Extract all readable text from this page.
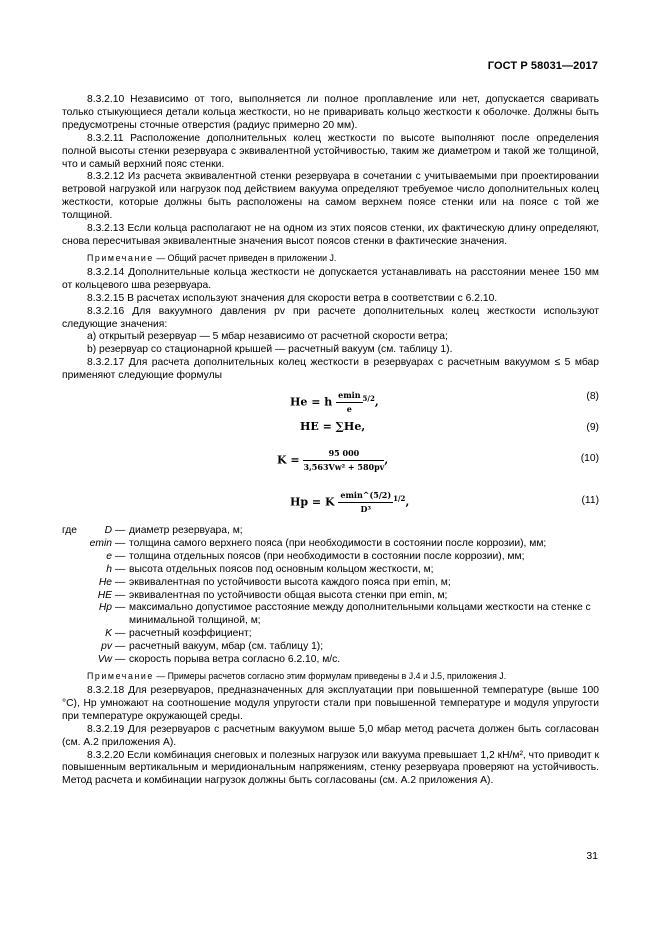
ГОСТ Р 58031—2017

8.3.2.10 Независимо от того, выполняется ли полное проплавление или нет, допускается сваривать только стыкующиеся детали кольца жесткости, но не приваривать кольцо жесткости к оболочке. Должны быть предусмотрены сточные отверстия (радиус примерно 20 мм).

8.3.2.11 Расположение дополнительных колец жесткости по высоте выполняют после определения полной высоты стенки резервуара с эквивалентной устойчивостью, таким же диаметром и такой же толщиной, что и самый верхний пояс стенки.

8.3.2.12 Из расчета эквивалентной стенки резервуара в сочетании с учитываемыми при проектировании ветровой нагрузкой или нагрузок под действием вакуума определяют требуемое число дополнительных колец жесткости, которые должны быть расположены на самом верхнем поясе стенки или на поясе с той же толщиной.

8.3.2.13 Если кольца располагают не на одном из этих поясов стенки, их фактическую длину определяют, снова пересчитывая эквивалентные значения высот поясов стенки в фактические значения.

Примечание — Общий расчет приведен в приложении J.

8.3.2.14 Дополнительные кольца жесткости не допускается устанавливать на расстоянии менее 150 мм от кольцевого шва резервуара.

8.3.2.15 В расчетах используют значения для скорости ветра в соответствии с 6.2.10.

8.3.2.16 Для вакуумного давления pv при расчете дополнительных колец жесткости используют следующие значения:

a) открытый резервуар — 5 мбар независимо от расчетной скорости ветра;

b) резервуар со стационарной крышей — расчетный вакуум (см. таблицу 1).

8.3.2.17 Для расчета дополнительных колец жесткости в резервуарах с расчетным вакуумом ≤ 5 мбар применяют следующие формулы

He = h $\frac{emin}{e} ^{5/2}$,	(8)
HE = ∑He,	(9)
$K = \frac{95 000}{\text{3,563Vw² + 580pv}}$ ,	(10)
Hp = K $\frac{emin\^{}(5/2)}{\text{D³}} ^{1/2}$,	(11)
где	D — диаметр резервуара, м;
emin — толщина самого верхнего пояса (при необходимости в состоянии после коррозии), мм;
e — толщина отдельных поясов (при необходимости в состоянии после коррозии), мм;
h — высота отдельных поясов под основным кольцом жесткости, м;
He — эквивалентная по устойчивости высота каждого пояса при emin, м;
HE — эквивалентная по устойчивости общая высота стенки при emin, м;
Hp — максимально допустимое расстояние между дополнительными кольцами жесткости на стенке с минимальной толщиной, м;
K — расчетный коэффициент;
pv — расчетный вакуум, мбар (см. таблицу 1);
Vw — скорость порыва ветра согласно 6.2.10, м/с.

Примечание — Примеры расчетов согласно этим формулам приведены в J.4 и J.5, приложения J.

8.3.2.18 Для резервуаров, предназначенных для эксплуатации при повышенной температуре (выше 100 °С), Hp умножают на соотношение модуля упругости стали при повышенной температуре и модуля упругости при температуре окружающей среды.

8.3.2.19 Для резервуаров с расчетным вакуумом выше 5,0 мбар метод расчета должен быть согласован (см. А.2 приложения А).

8.3.2.20 Если комбинация снеговых и полезных нагрузок или вакуума превышает 1,2 кН/м², что приводит к повышенным вертикальным и меридиональным напряжениям, стенку резервуара проверяют на устойчивость. Метод расчета и комбинации нагрузок должны быть согласованы (см. А.2 приложения А).

31
